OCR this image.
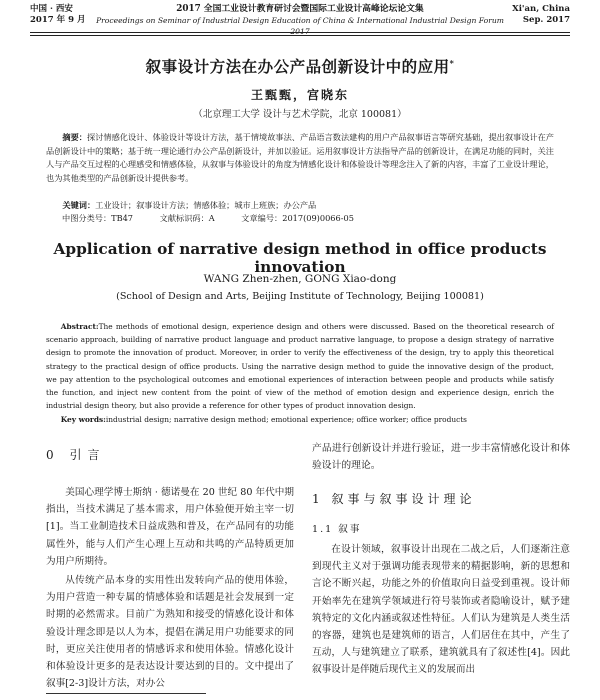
中国 · 西安
2017 年 9 月
2017 全国工业设计教育研讨会暨国际工业设计高峰论坛论文集
Proceedings on Seminar of Industrial Design Education of China & International Industrial Design Forum 2017
Xi'an, China
Sep. 2017
叙事设计方法在办公产品创新设计中的应用*
王甄甄，宫晓东
（北京理工大学 设计与艺术学院，北京 100081）
摘要：探讨情感化设计、体验设计等设计方法，基于情境故事法、产品语言数法建构的用户产品叙事语言等研究基础，提出叙事设计在产品创新设计中的策略；基于统一理论通行办公产品创新设计，并加以验证。运用叙事设计方法指导产品的创新设计，在满足功能的同时，关注人与产品交互过程的心理感受和情感体验，从叙事与体验设计的角度为情感化设计和体验设计等理念注入了新的内容，丰富了工业设计理论，也为其他类型的产品创新设计提供参考。
关键词：工业设计；叙事设计方法；情感体验；城市上班族；办公产品
中图分类号：TB47	文献标识码：A	文章编号：2017(09)0066-05
Application of narrative design method in office products innovation
WANG Zhen-zhen, GONG Xiao-dong
(School of Design and Arts, Beijing Institute of Technology, Beijing 100081)
Abstract:The methods of emotional design, experience design and others were discussed. Based on the theoretical research of scenario approach, building of narrative product language and product narrative language, to propose a design strategy of narrative design to promote the innovation of product. Moreover, in order to verify the effectiveness of the design, try to apply this theoretical strategy to the practical design of office products. Using the narrative design method to guide the innovative design of the product, we pay attention to the psychological outcomes and emotional experiences of interaction between people and products while satisfy the function, and inject new content from the point of view of the method of emotion design and experience design, enrich the industrial design theory, but also provide a reference for other types of product innovation design.
Key words:industrial design; narrative design method; emotional experience; office worker; office products
0 引言	产品进行创新设计并进行验证，进一步丰富情感化设计和体验设计的理论。

美国心理学博士斯纳 · 德诺曼在 20 世纪 80 年代中期指出，当技术满足了基本需求，用户体验便开始主宰一切[1]。当工业制造技术日益成熟和普及，在产品同有的功能属性外，能与人们产生心理上互动和共鸣的产品特质更加为用户所期待。

从传统产品本身的实用性出发转向产品的使用体验，为用户营造一种专属的情感体验和话题是社会发展到一定时期的必然需求。目前广为熟知和接受的情感化设计和体验设计理念即是以人为本，提倡在满足用户功能要求的同时，更应关注使用者的情感诉求和使用体验。情感化设计和体验设计更多的是表达设计要达到的目的。文中提出了叙事[2-3]设计方法，对办公

1 叙事与叙事设计理论
1.1 叙事

在设计领域，叙事设计出现在二战之后，人们逐渐注意到现代主义对于强调功能表现带来的精据影响，新的思想和言论不断兴起，功能之外的价值取向日益受到重视。设计师开始率先在建筑学领域进行符号装饰或者隐喻设计，赋予建筑特定的文化内涵或叙述性特征。人们认为建筑是人类生活的容器，建筑也是建筑师的语言，人们居住在其中，产生了互动，人与建筑建立了联系，建筑就具有了叙述性[4]。因此叙事设计是伴随后现代主义的发展而出
